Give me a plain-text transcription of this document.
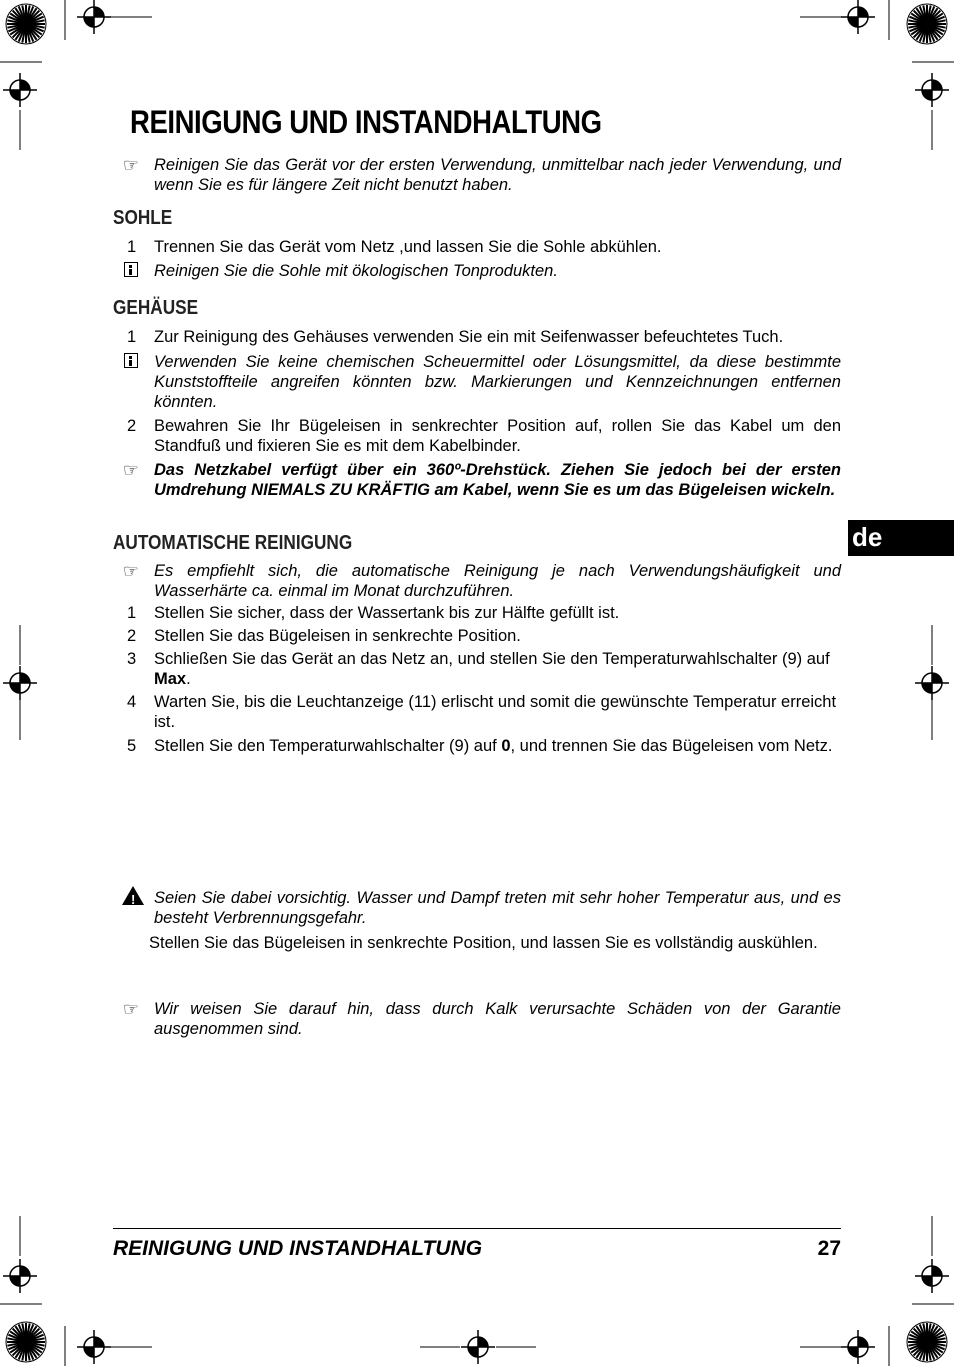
REINIGUNG UND INSTANDHALTUNG
☞ Reinigen Sie das Gerät vor der ersten Verwendung, unmittelbar nach jeder Verwendung, und wenn Sie es für längere Zeit nicht benutzt haben.
SOHLE
1 Trennen Sie das Gerät vom Netz ,und lassen Sie die Sohle abkühlen.
Reinigen Sie die Sohle mit ökologischen Tonprodukten.
GEHÄUSE
1 Zur Reinigung des Gehäuses verwenden Sie ein mit Seifenwasser befeuchtetes Tuch.
Verwenden Sie keine chemischen Scheuermittel oder Lösungsmittel, da diese bestimmte Kunststoffteile angreifen könnten bzw. Markierungen und Kennzeichnungen entfernen könnten.
2 Bewahren Sie Ihr Bügeleisen in senkrechter Position auf, rollen Sie das Kabel um den Standfuß und fixieren Sie es mit dem Kabelbinder.
☞ Das Netzkabel verfügt über ein 360º-Drehstück. Ziehen Sie jedoch bei der ersten Umdrehung NIEMALS ZU KRÄFTIG am Kabel, wenn Sie es um das Bügeleisen wickeln.
AUTOMATISCHE REINIGUNG
☞ Es empfiehlt sich, die automatische Reinigung je nach Verwendungshäufigkeit und Wasserhärte ca. einmal im Monat durchzuführen.
1 Stellen Sie sicher, dass der Wassertank bis zur Hälfte gefüllt ist.
2 Stellen Sie das Bügeleisen in senkrechte Position.
3 Schließen Sie das Gerät an das Netz an, und stellen Sie den Temperaturwahlschalter (9) auf Max.
4 Warten Sie, bis die Leuchtanzeige (11) erlischt und somit die gewünschte Temperatur erreicht ist.
5 Stellen Sie den Temperaturwahlschalter (9) auf 0, und trennen Sie das Bügeleisen vom Netz.
! Seien Sie dabei vorsichtig. Wasser und Dampf treten mit sehr hoher Temperatur aus, und es besteht Verbrennungsgefahr.
Stellen Sie das Bügeleisen in senkrechte Position, und lassen Sie es vollständig auskühlen.
☞ Wir weisen Sie darauf hin, dass durch Kalk verursachte Schäden von der Garantie ausgenommen sind.
de
REINIGUNG UND INSTANDHALTUNG	27
